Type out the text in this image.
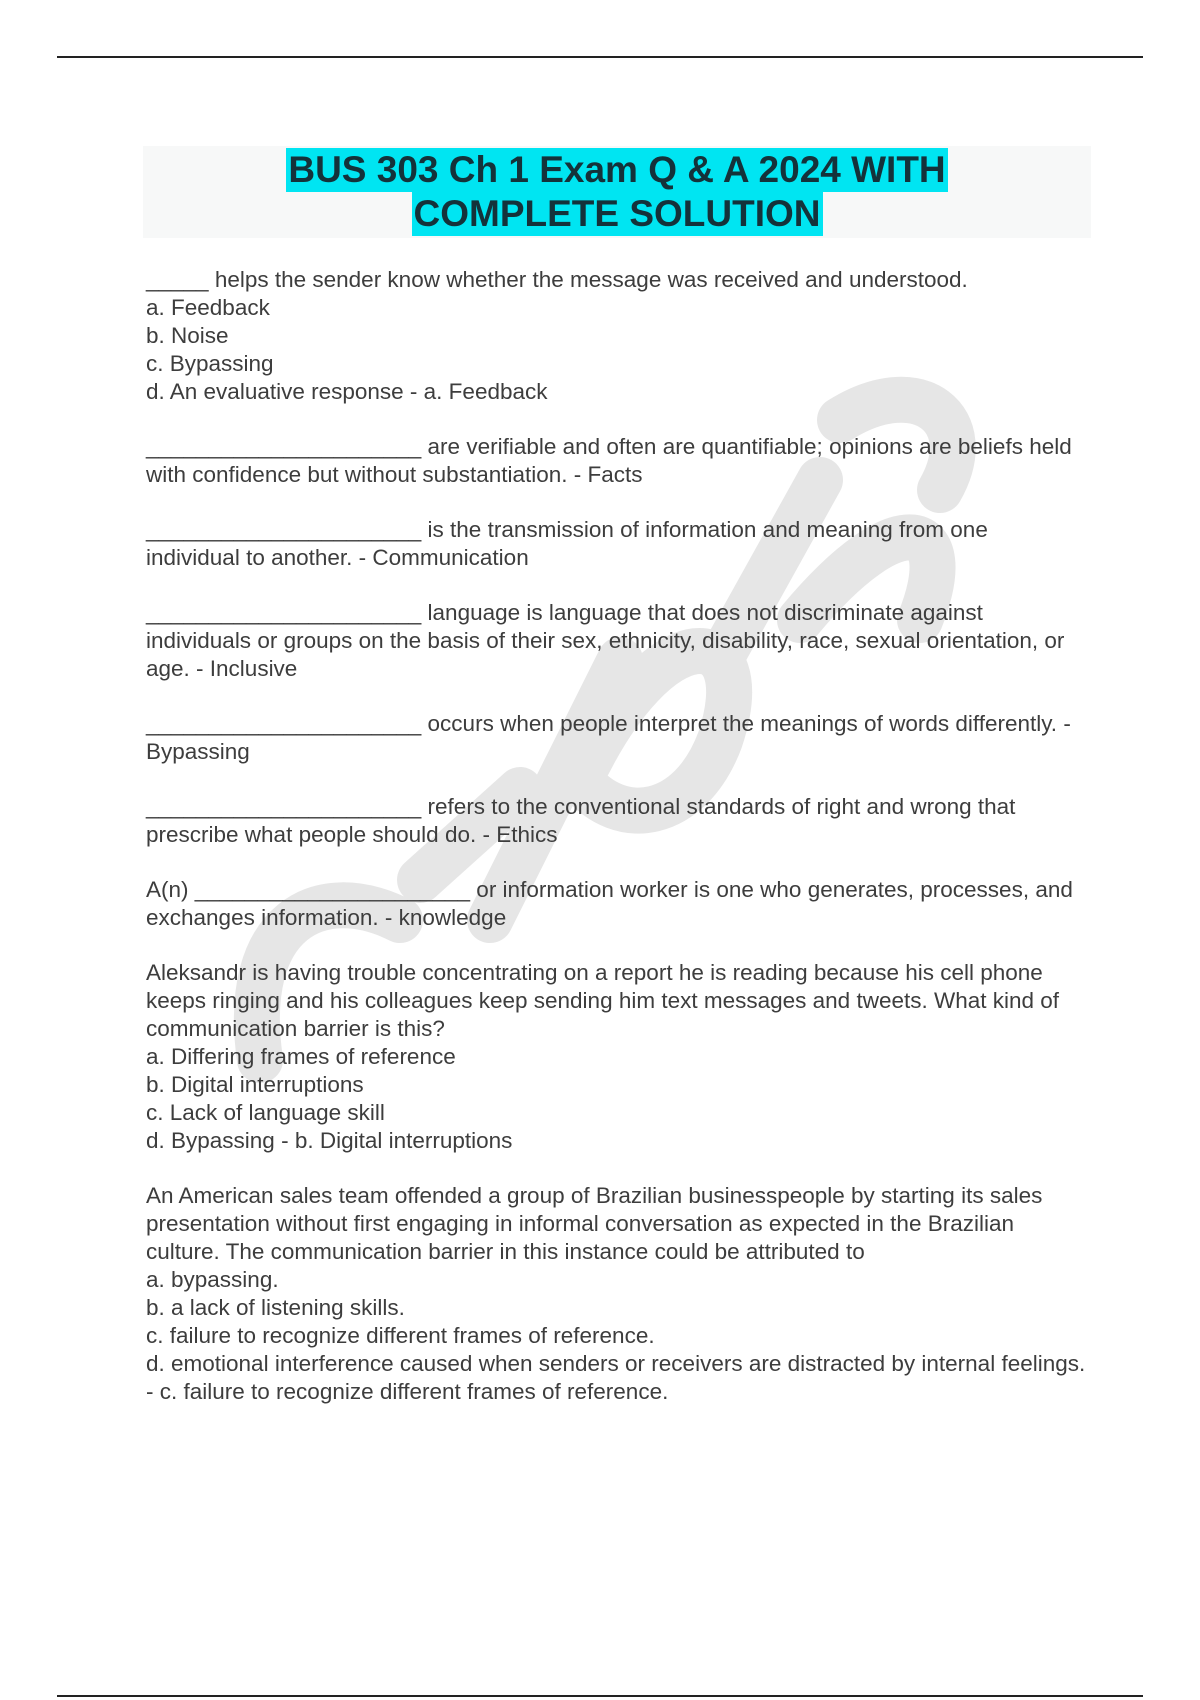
BUS 303 Ch 1 Exam Q & A 2024 WITH
COMPLETE SOLUTION

_____ helps the sender know whether the message was received and understood.

a. Feedback

b. Noise

c. Bypassing

d. An evaluative response - a. Feedback

______________________ are verifiable and often are quantifiable; opinions are beliefs held with confidence but without substantiation. - Facts

______________________ is the transmission of information and meaning from one individual to another. - Communication

______________________ language is language that does not discriminate against individuals or groups on the basis of their sex, ethnicity, disability, race, sexual orientation, or age. - Inclusive

______________________ occurs when people interpret the meanings of words differently. - Bypassing

______________________ refers to the conventional standards of right and wrong that prescribe what people should do. - Ethics

A(n) ______________________ or information worker is one who generates, processes, and exchanges information. - knowledge

Aleksandr is having trouble concentrating on a report he is reading because his cell phone keeps ringing and his colleagues keep sending him text messages and tweets. What kind of communication barrier is this?

a. Differing frames of reference

b. Digital interruptions

c. Lack of language skill

d. Bypassing - b. Digital interruptions

An American sales team offended a group of Brazilian businesspeople by starting its sales presentation without first engaging in informal conversation as expected in the Brazilian culture. The communication barrier in this instance could be attributed to

a. bypassing.

b. a lack of listening skills.

c. failure to recognize different frames of reference.

d. emotional interference caused when senders or receivers are distracted by internal feelings. - c. failure to recognize different frames of reference.
